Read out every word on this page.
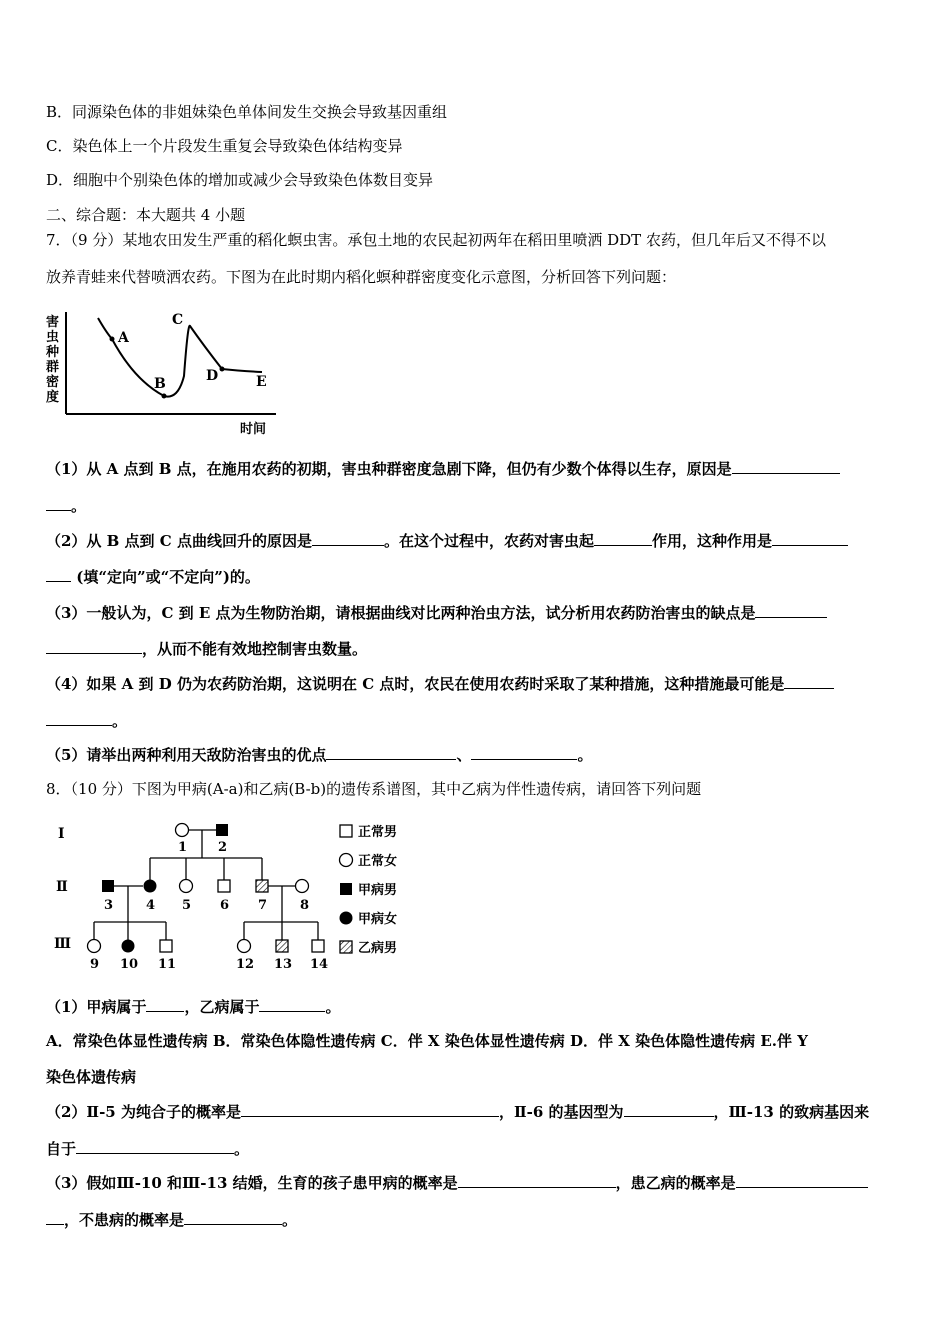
B．同源染色体的非姐妹染色单体间发生交换会导致基因重组
C．染色体上一个片段发生重复会导致染色体结构变异
D．细胞中个别染色体的增加或减少会导致染色体数目变异
二、综合题：本大题共 4 小题
7．（9 分）某地农田发生严重的稻化螟虫害。承包土地的农民起初两年在稻田里喷洒 DDT 农药，但几年后又不得不以
放养青蛙来代替喷洒农药。下图为在此时期内稻化螟种群密度变化示意图，分析回答下列问题：
害
虫
种
群
密
度
时间
A
B
C
D	E
（1）从 A 点到 B 点，在施用农药的初期，害虫种群密度急剧下降，但仍有少数个体得以生存，原因是
。
（2）从 B 点到 C 点曲线回升的原因是	。在这个过程中，农药对害虫起	作用，这种作用是
(填“定向”或“不定向”)的。
（3）一般认为，C 到 E 点为生物防治期，请根据曲线对比两种治虫方法，试分析用农药防治害虫的缺点是
，从而不能有效地控制害虫数量。
（4）如果 A 到 D 仍为农药防治期，这说明在 C 点时，农民在使用农药时采取了某种措施，这种措施最可能是
。
（5）请举出两种利用天敌防治害虫的优点	、	。
8．（10 分）下图为甲病(A-a)和乙病(B-b)的遗传系谱图，其中乙病为伴性遗传病，请回答下列问题
Ⅰ
Ⅱ
Ⅲ
1 2
3	4 5 6 7	8
9 10 11	12 13 14
正常男
正常女
甲病男
甲病女
乙病男
（1）甲病属于	，乙病属于	。
A．常染色体显性遗传病 B．常染色体隐性遗传病 C．伴 X 染色体显性遗传病 D．伴 X 染色体隐性遗传病 E.伴 Y
染色体遗传病
（2）Ⅱ-5 为纯合子的概率是	，Ⅱ-6 的基因型为	，Ⅲ-13 的致病基因来
自于	。
（3）假如Ⅲ-10 和Ⅲ-13 结婚，生育的孩子患甲病的概率是	，患乙病的概率是
，不患病的概率是	。
